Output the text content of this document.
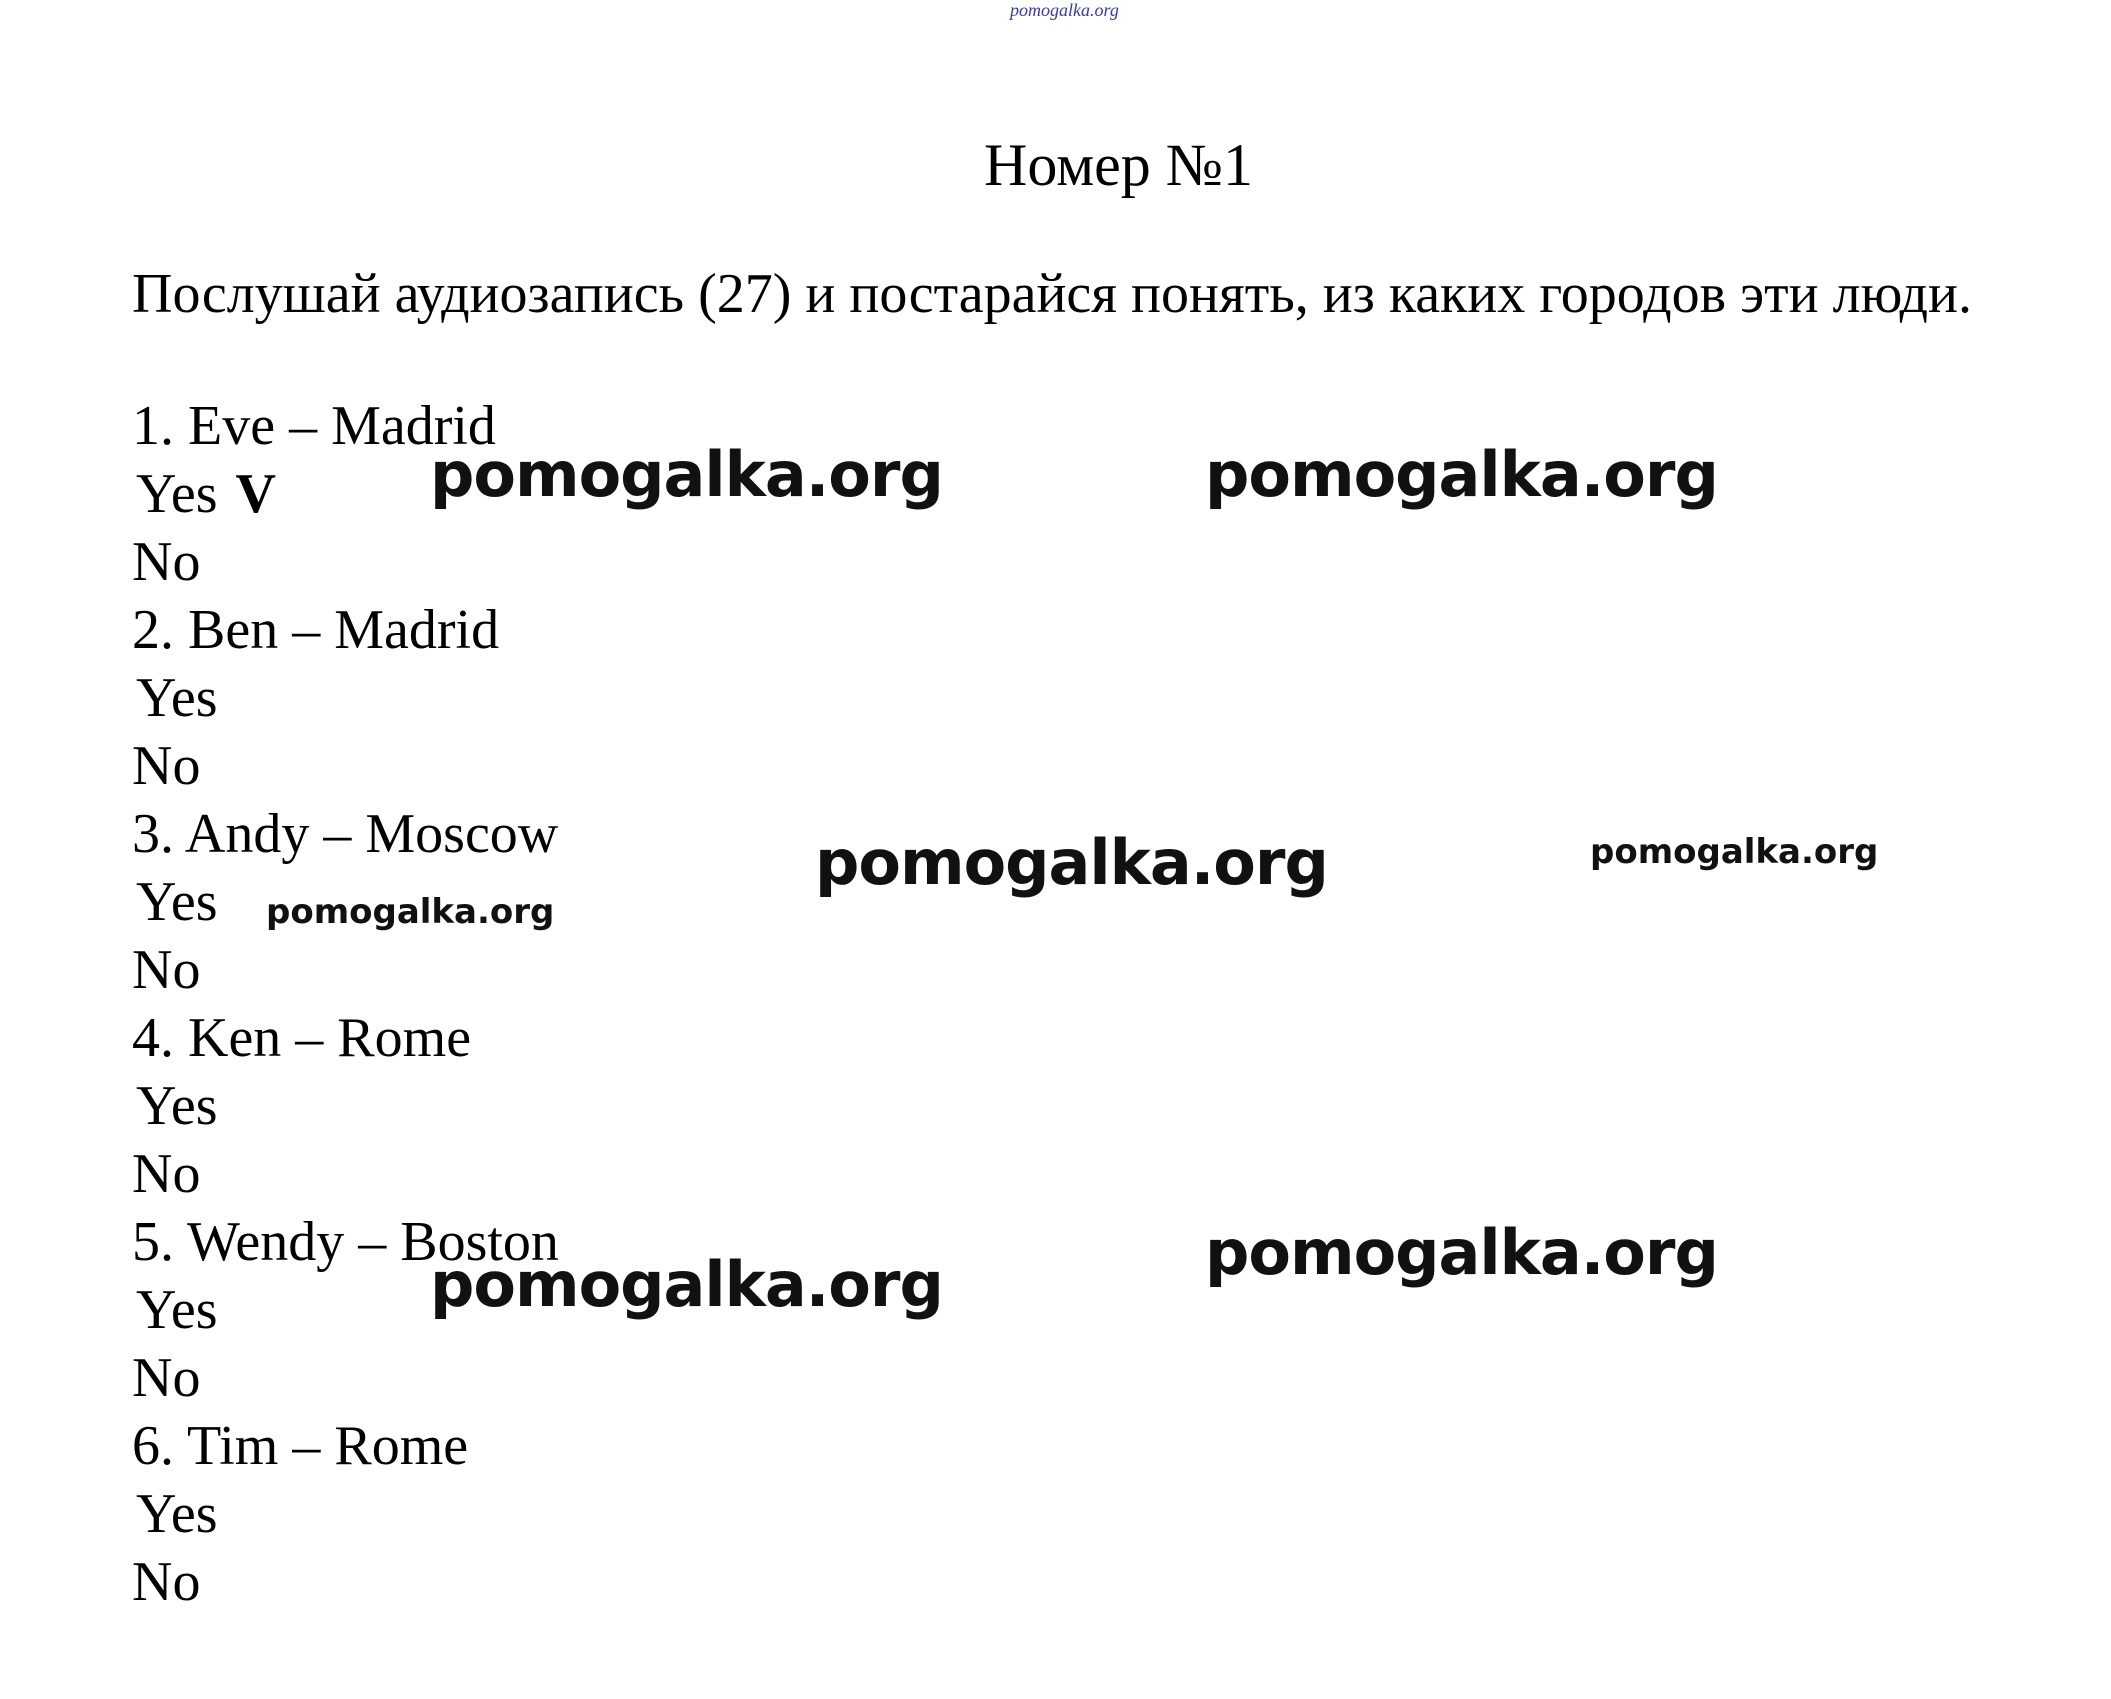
pomogalka.org
Номер №1
Послушай аудиозапись (27) и постарайся понять, из каких городов эти люди.
1. Eve – Madrid
Yes V
No
2. Ben – Madrid
Yes
No
3. Andy – Moscow
Yes
No
4. Ken – Rome
Yes
No
5. Wendy – Boston
Yes
No
6. Tim – Rome
Yes
No
pomogalka.org	pomogalka.org
pomogalka.org	pomogalka.org
pomogalka.org
pomogalka.org
pomogalka.org
